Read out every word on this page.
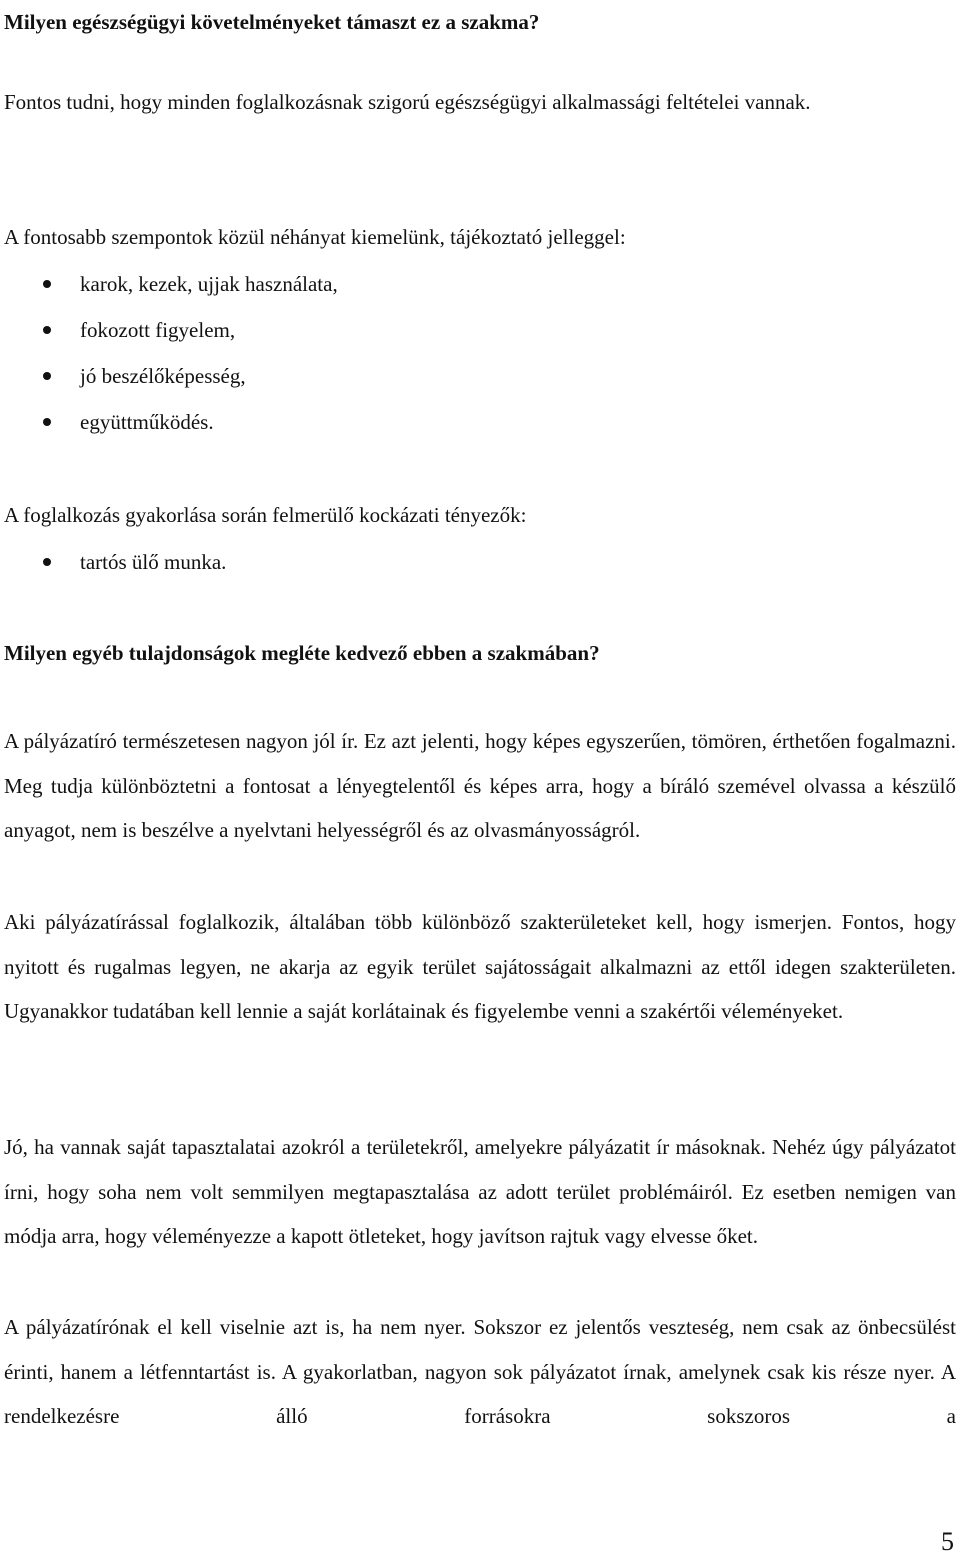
Milyen egészségügyi követelményeket támaszt ez a szakma?
Fontos tudni, hogy minden foglalkozásnak szigorú egészségügyi alkalmassági feltételei vannak.
A fontosabb szempontok közül néhányat kiemelünk, tájékoztató jelleggel:
karok, kezek, ujjak használata,
fokozott figyelem,
jó beszélőképesség,
együttműködés.
A foglalkozás gyakorlása során felmerülő kockázati tényezők:
tartós ülő munka.
Milyen egyéb tulajdonságok megléte kedvező ebben a szakmában?
A pályázatíró természetesen nagyon jól ír. Ez azt jelenti, hogy képes egyszerűen, tömören, érthetően fogalmazni. Meg tudja különböztetni a fontosat a lényegtelentől és képes arra, hogy a bíráló szemével olvassa a készülő anyagot, nem is beszélve a nyelvtani helyességről és az olvasmányosságról.
Aki pályázatírással foglalkozik, általában több különböző szakterületeket kell, hogy ismerjen. Fontos, hogy nyitott és rugalmas legyen, ne akarja az egyik terület sajátosságait alkalmazni az ettől idegen szakterületen. Ugyanakkor tudatában kell lennie a saját korlátainak és figyelembe venni a szakértői véleményeket.
Jó, ha vannak saját tapasztalatai azokról a területekről, amelyekre pályázatit ír másoknak. Nehéz úgy pályázatot írni, hogy soha nem volt semmilyen megtapasztalása az adott terület problémáiról. Ez esetben nemigen van módja arra, hogy véleményezze a kapott ötleteket, hogy javítson rajtuk vagy elvesse őket.
A pályázatírónak el kell viselnie azt is, ha nem nyer. Sokszor ez jelentős veszteség, nem csak az önbecsülést érinti, hanem a létfenntartást is. A gyakorlatban, nagyon sok pályázatot írnak, amelynek csak kis része nyer. A rendelkezésre álló forrásokra sokszoros a
5
